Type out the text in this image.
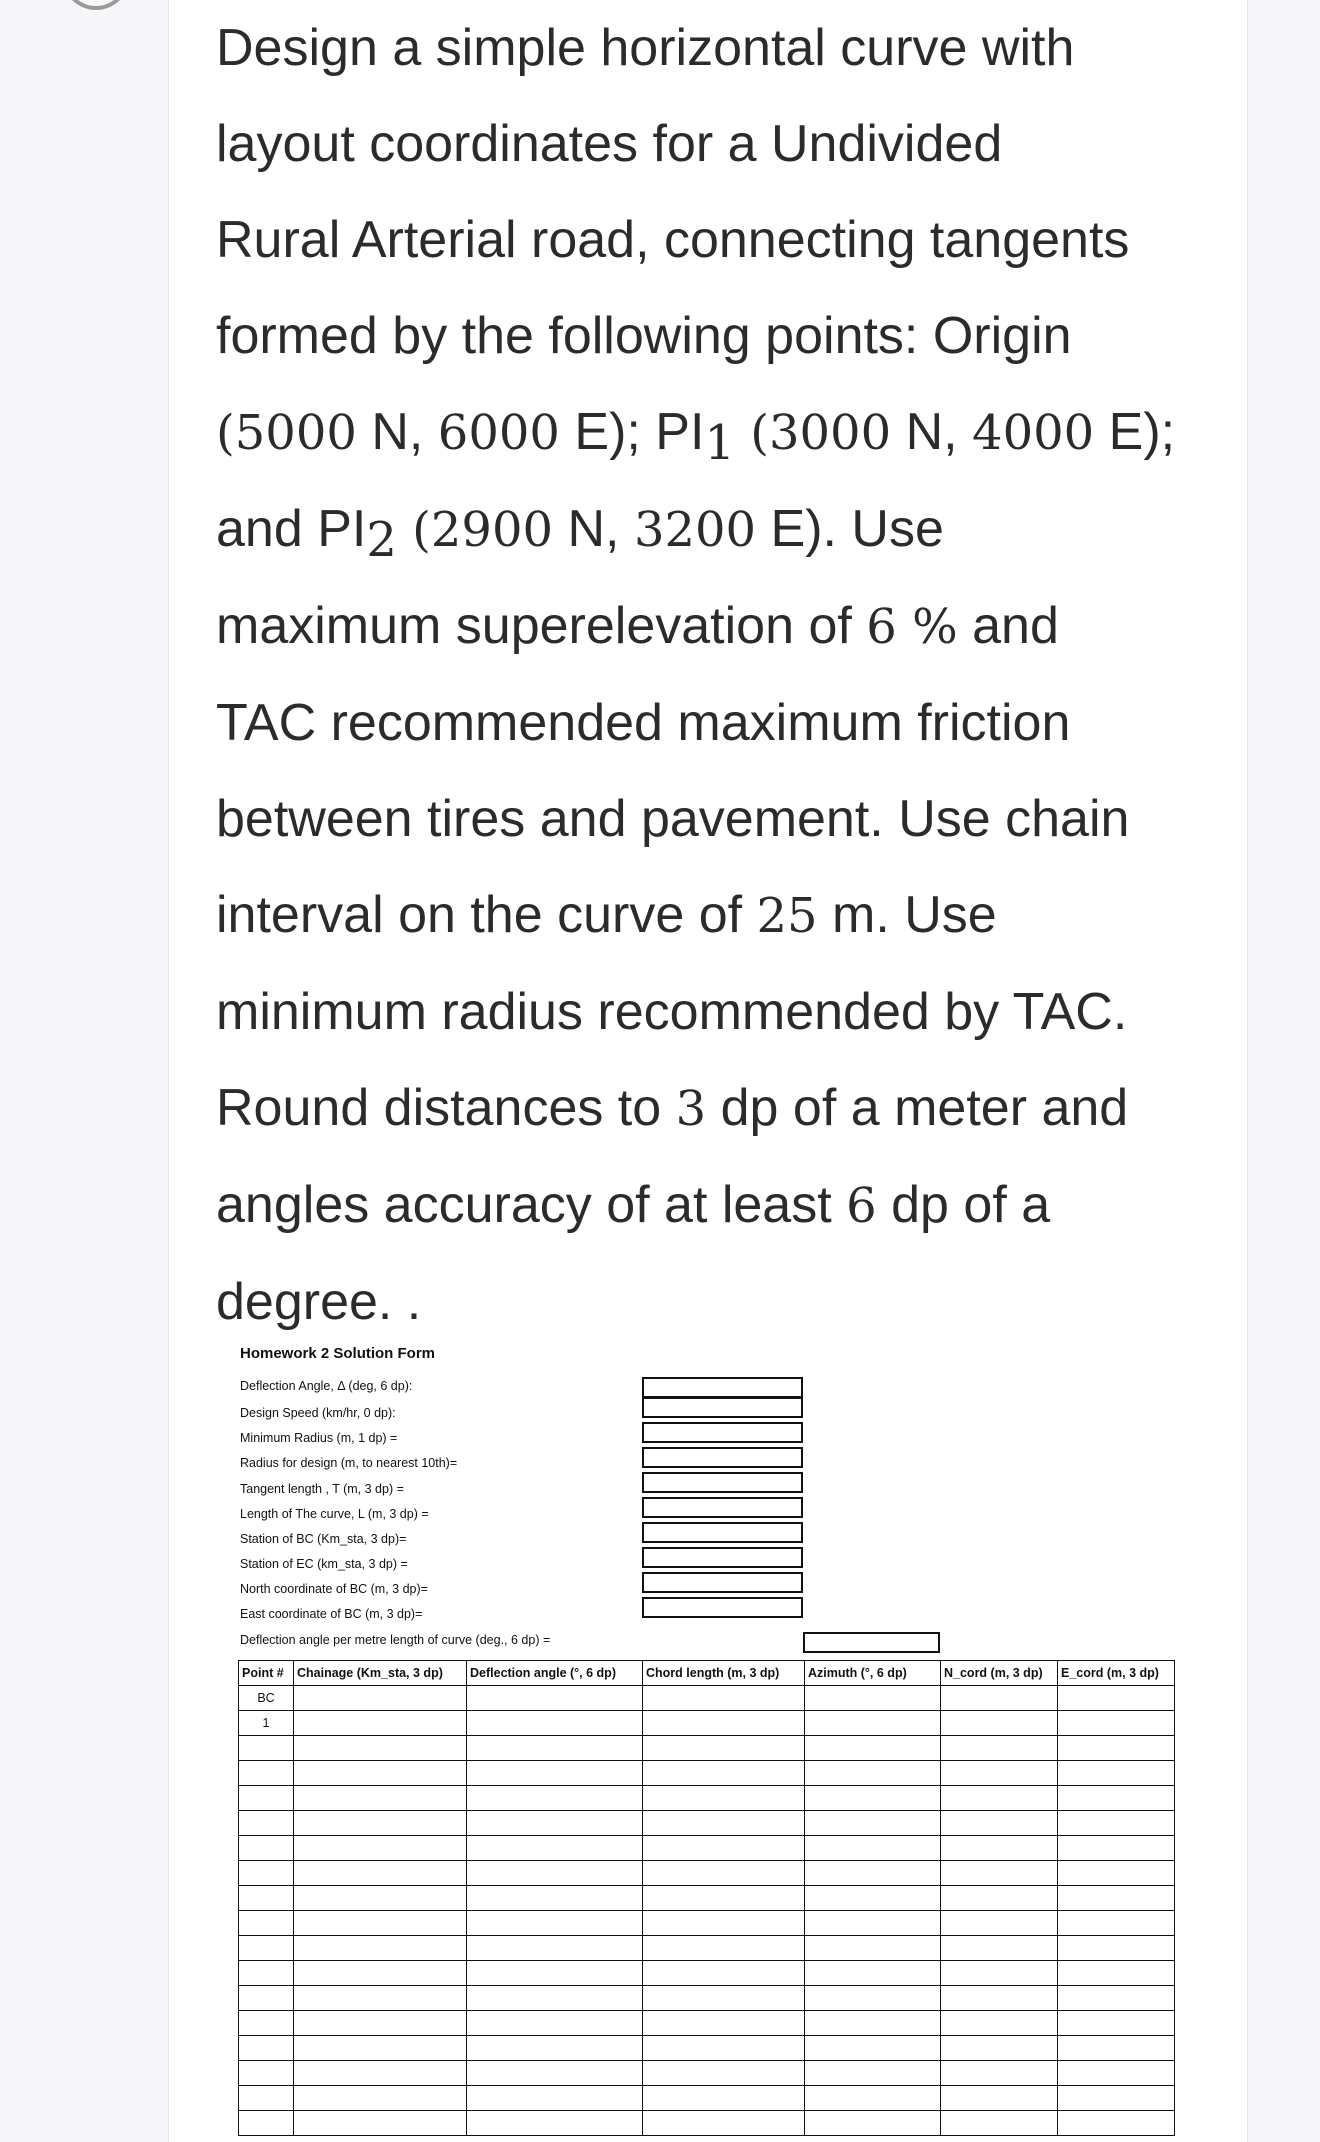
Design a simple horizontal curve with

layout coordinates for a Undivided

Rural Arterial road, connecting tangents

formed by the following points: Origin

(5000 N, 6000 E); $PI_1$ (3000 N, 4000 E);

and $PI_2$ (2900 N, 3200 E). Use

maximum superelevation of 6 % and

TAC recommended maximum friction

between tires and pavement. Use chain

interval on the curve of 25 m. Use

minimum radius recommended by TAC.

Round distances to 3 dp of a meter and

angles accuracy of at least 6 dp of a

degree. .

Homework 2 Solution Form
Deflection Angle, Δ (deg, 6 dp):
Design Speed (km/hr, 0 dp):
Minimum Radius (m, 1 dp) =
Radius for design (m, to nearest 10th)=
Tangent length , T (m, 3 dp) =
Length of The curve, L (m, 3 dp) =
Station of BC (Km_sta, 3 dp)=
Station of EC (km_sta, 3 dp) =
North coordinate of BC (m, 3 dp)=
East coordinate of BC (m, 3 dp)=
Deflection angle per metre length of curve (deg., 6 dp) =
Point #	Chainage (Km_sta, 3 dp)	Deflection angle (°, 6 dp)	Chord length (m, 3 dp)	Azimuth (°, 6 dp)	N_cord (m, 3 dp)	E_cord (m, 3 dp)
BC						
1						
